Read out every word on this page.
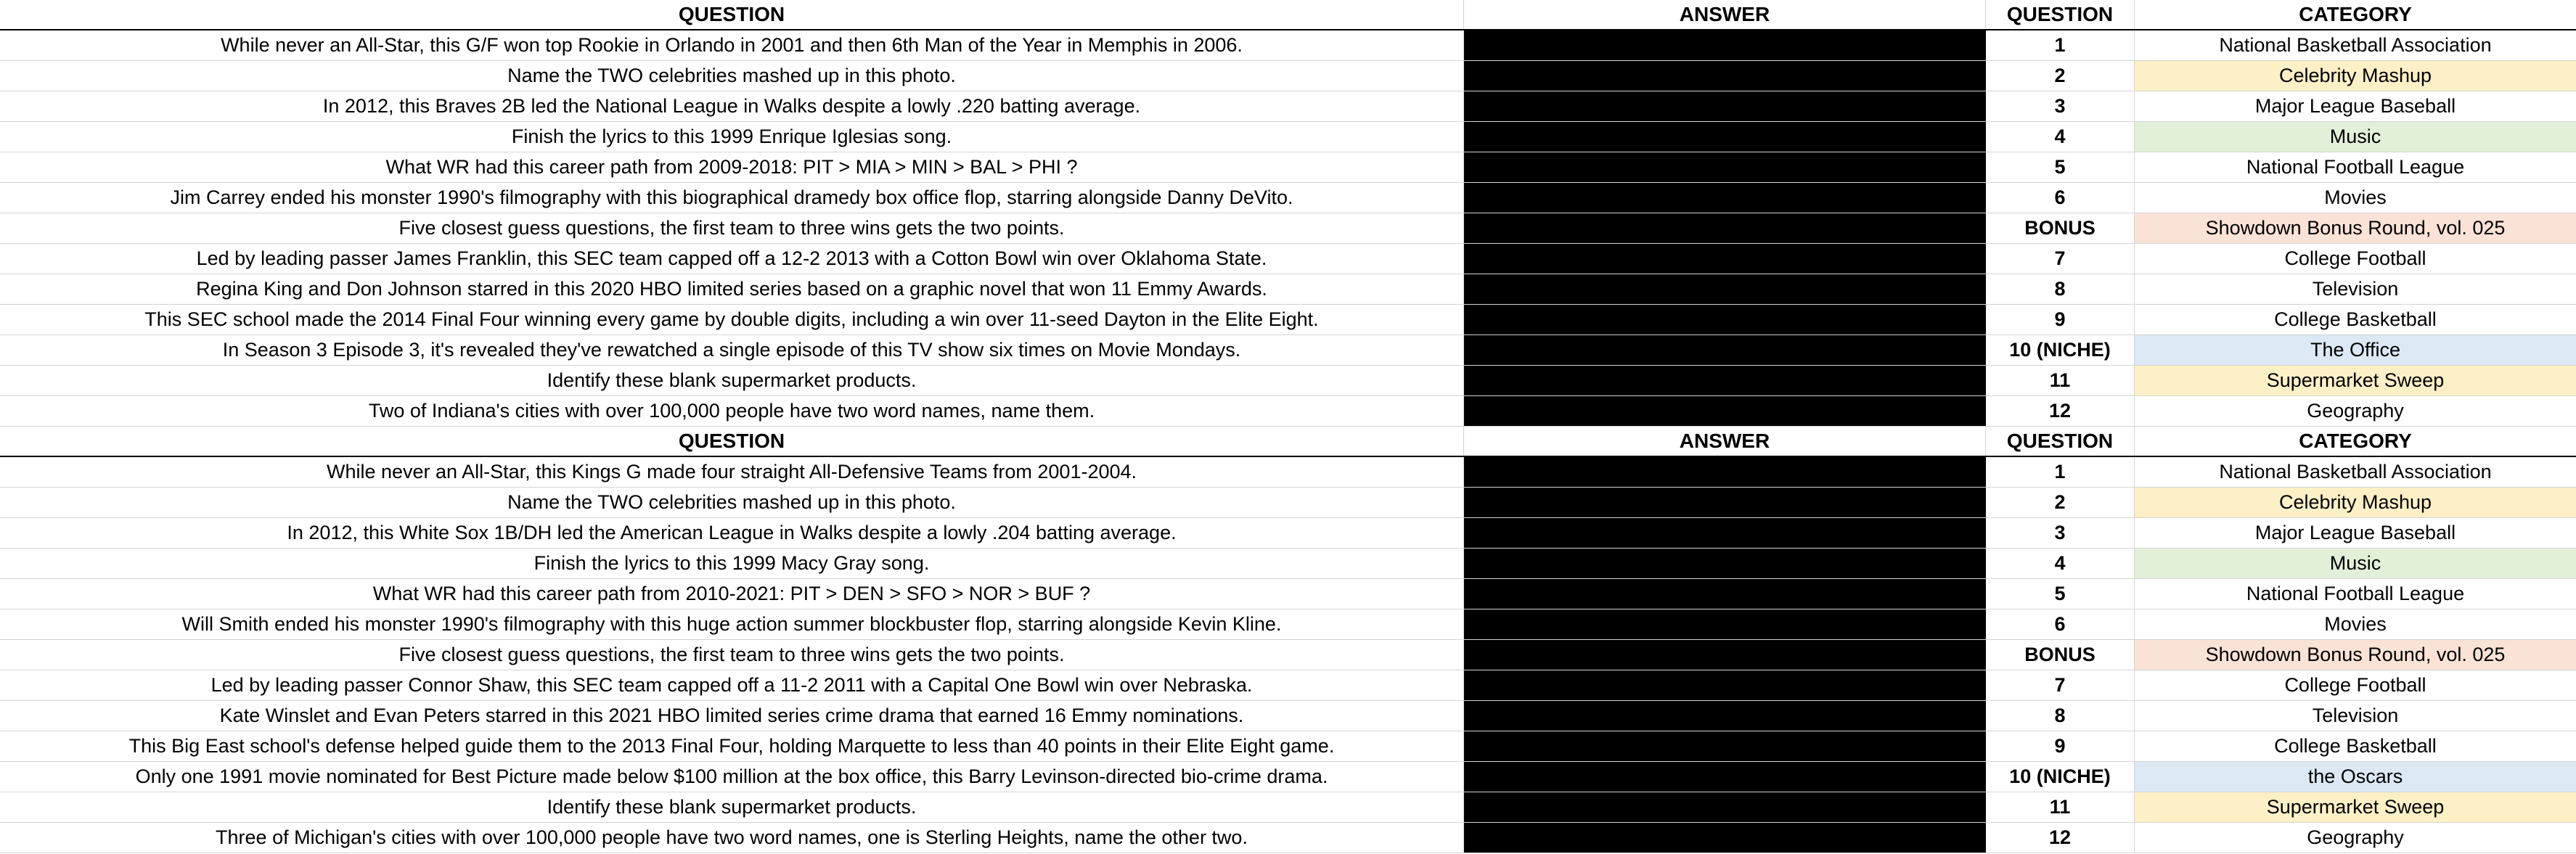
QUESTION	ANSWER	QUESTION	CATEGORY
While never an All-Star, this G/F won top Rookie in Orlando in 2001 and then 6th Man of the Year in Memphis in 2006.	1	National Basketball Association
Name the TWO celebrities mashed up in this photo.	2	Celebrity Mashup
In 2012, this Braves 2B led the National League in Walks despite a lowly .220 batting average.	3	Major League Baseball
Finish the lyrics to this 1999 Enrique Iglesias song.	4	Music
What WR had this career path from 2009-2018: PIT > MIA > MIN > BAL > PHI ?	5	National Football League
Jim Carrey ended his monster 1990's filmography with this biographical dramedy box office flop, starring alongside Danny DeVito.	6	Movies
Five closest guess questions, the first team to three wins gets the two points.	BONUS	Showdown Bonus Round, vol. 025
Led by leading passer James Franklin, this SEC team capped off a 12-2 2013 with a Cotton Bowl win over Oklahoma State.	7	College Football
Regina King and Don Johnson starred in this 2020 HBO limited series based on a graphic novel that won 11 Emmy Awards.	8	Television
This SEC school made the 2014 Final Four winning every game by double digits, including a win over 11-seed Dayton in the Elite Eight.	9	College Basketball
In Season 3 Episode 3, it's revealed they've rewatched a single episode of this TV show six times on Movie Mondays.	10 (NICHE)	The Office
Identify these blank supermarket products.	11	Supermarket Sweep
Two of Indiana's cities with over 100,000 people have two word names, name them.	12	Geography
QUESTION	ANSWER	QUESTION	CATEGORY
While never an All-Star, this Kings G made four straight All-Defensive Teams from 2001-2004.	1	National Basketball Association
Name the TWO celebrities mashed up in this photo.	2	Celebrity Mashup
In 2012, this White Sox 1B/DH led the American League in Walks despite a lowly .204 batting average.	3	Major League Baseball
Finish the lyrics to this 1999 Macy Gray song.	4	Music
What WR had this career path from 2010-2021: PIT > DEN > SFO > NOR > BUF ?	5	National Football League
Will Smith ended his monster 1990's filmography with this huge action summer blockbuster flop, starring alongside Kevin Kline.	6	Movies
Five closest guess questions, the first team to three wins gets the two points.	BONUS	Showdown Bonus Round, vol. 025
Led by leading passer Connor Shaw, this SEC team capped off a 11-2 2011 with a Capital One Bowl win over Nebraska.	7	College Football
Kate Winslet and Evan Peters starred in this 2021 HBO limited series crime drama that earned 16 Emmy nominations.	8	Television
This Big East school's defense helped guide them to the 2013 Final Four, holding Marquette to less than 40 points in their Elite Eight game.	9	College Basketball
Only one 1991 movie nominated for Best Picture made below $100 million at the box office, this Barry Levinson-directed bio-crime drama.	10 (NICHE)	the Oscars
Identify these blank supermarket products.	11	Supermarket Sweep
Three of Michigan's cities with over 100,000 people have two word names, one is Sterling Heights, name the other two.	12	Geography
